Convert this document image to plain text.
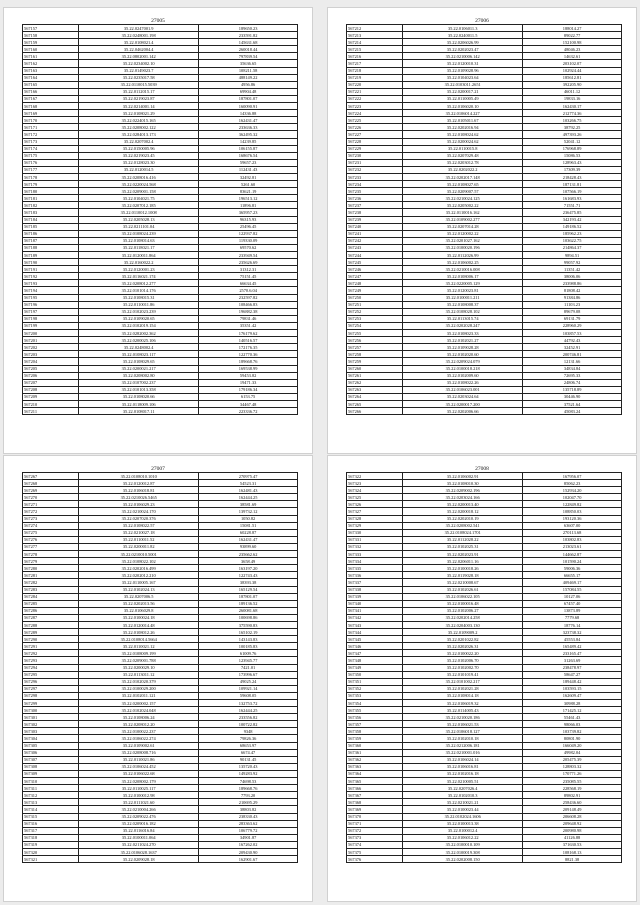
27005
567157	35.22.0247001.9	189650.23
567158	35.22.0248001.198	233591.82
567159	35.22.0108021.4	145631.68
567160	35.22.0462004.4	260018.44
567161	35.22.0802001.142	797839.54
567162	35.22.0234002.10	35636.65
567163	35.22.0149023.7	108211.58
567164	35.22.0235017.58	488149.22
567165	35.22.0110015.5039	4956.86
567166	35.22.0112015.17	69904.48
567167	35.22.0219023.87	187801.07
567168	35.22.0214001.14	160090.91
567169	35.22.0108021.29	14336.88
567170	35.22.0224015.165	162431.47
567171	35.22.0208002.122	233636.33
567172	35.22.0284013.173	362495.32
567173	35.22.0207002.4	14239.85
567174	35.22.0150005.96	106155.87
567175	35.22.0219023.45	168676.54
567176	35.22.0128023.30	59657.23
567177	35.22.0120014.5	112431.43
567178	35.22.0208016.416	32492.81
567179	35.22.0220024.568	5261.60
567180	35.22.0209001.158	83621.19
567181	35.22.0104021.75	196513.12
567182	35.22.0207012.185	11896.81
567183	35.22.0110012.1008	365957.23
567184	35.22.0205028.13	96315.93
567185	35.22.0211101.04	25496.45
567186	35.22.0108024.239	122937.82
567187	35.22.0108014.63	119330.09
567188	35.22.0118021.17	69570.62
567189	35.22.0120011.864	233949.54
567190	35.22.0160022.2	235626.69
567191	35.22.0120001.23	31312.31
567192	35.22.0116021.174	75151.45
567193	35.22.0208012.277	66634.45
567194	35.22.0101014.176	2570.6.04
567195	35.22.0108015.31	232597.82
567196	35.22.0110011.86	108466.83
567197	35.22.0102023.239	196882.38
567198	35.22.0109020.65	79831.46
567199	35.22.0102019.154	35351.42
567200	35.22.0282002.362	176179.62
567201	35.22.0200025.106	140516.57
567202	35.22.0248002.4	172176.35
567203	35.22.0108023.117	122770.36
567204	35.22.0108029.65	189668.76
567205	35.22.0200021.217	169538.99
567206	35.22.0208002.80	59453.82
567207	35.22.0107002.237	19471.33
567208	35.22.0101013.358	179186.34
567209	35.22.0108020.66	6153.75
567210	35.22.0118009.106	34467.48
567211	35.22.0108017.11	223336.72
27006
567212	35.22.0106011.3	188014.27
567213	35.22.0240011.5	89022.77
567214	35.22.0206026.99	152100.98
567215	35.22.0202023.47	48046.23
567216	35.22.0210006.142	14632.61
567217	35.22.0120010.31	203102.07
567218	35.22.0109028.96	102924.44
567219	35.22.0104023.64	185612.81
567220	35.22.0103011.2651	392205.90
567221	35.22.0200017.21	46011.12
567222	35.22.0110005.49	19833.16
567223	35.22.0106020.10	162430.17
567224	35.22.0106014.227	212774.36
567225	35.22.0105011.67	103266.75
567226	35.22.0202016.94	38792.25
567227	35.22.0108024.62	497393.26
567228	35.22.0200024.62	52041.12
567229	35.22.0110015.8	176968.89
567230	35.22.0207029.48	15086.53
567231	35.22.0203012.78	128963.43
567232	35.22.0202022.2	17309.39
567233	35.22.0202017.148	218428.43
567234	35.22.0108027.65	187131.81
567235	35.22.0209007.57	107566.19
567236	35.22.0210024.125	161683.93
567237	35.22.0205002.22	71551.71
567238	35.22.0110016.162	236475.85
567239	35.22.0109002.277	342193.42
567240	35.22.0207014.28	149186.52
567241	35.22.0120002.22	185962.23
567242	35.22.0201027.162	103622.75
567243	35.22.0100020.196	214864.37
567244	35.22.0112026.99	9894.51
567245	35.22.0106002.25	99057.92
567246	35.22.0210016.008	11351.42
567247	35.22.0108006.17	38006.06
567248	35.22.0220005.129	233988.86
567249	35.22.0120023.81	81808.42
567250	35.22.0100011.211	91384.86
567251	35.22.0108008.37	11103.23
567252	35.22.0108028.102	89679.08
567253	35.22.0113015.74	69131.79
567254	35.22.0202028.247	228960.29
567255	35.22.0108023.33	103857.53
567256	35.22.0102021.27	44792.43
567257	35.22.0109028.28	32452.91
567258	35.22.0102020.60	200746.81
567259	35.22.0209024.079	12131.66
567260	35.22.0100018.218	34834.84
567261	35.22.0102009.60	72695.33
567262	35.22.0108022.26	24806.74
567263	35.22.0106023.001	135718.89
567264	35.22.0203024.64	30446.90
567265	35.22.0200017.200	37521.64
567266	35.22.0202006.66	45083.24
27007
567267	35.22.0108010.1010	270975.47
567268	35.22.0120012.87	54523.31
567269	35.22.0106018.81	162481.43
567270	35.22.0210026.5465	162444.25
567271	35.22.0106029.23	38581.69
567272	35.22.0210024.170	139732.12
567273	35.22.0207020.376	1050.82
567274	35.22.0108022.57	15081.51
567275	35.22.0210027.18	60228.87
567276	35.22.0110011.52	162431.47
567277	35.22.0200011.82	93899.60
567278	35.22.0210010.5001	235662.62
567279	35.22.0108022.102	3658.49
567280	35.22.0202016.499	163197.20
567281	35.22.0202012.210	122743.43
567282	35.22.0110005.167	38393.38
567283	35.22.0102024.13	165129.54
567284	35.22.0207006.5	187801.07
567285	35.22.0202013.56	189136.52
567286	35.22.0106029.8	260081.68
567287	35.22.0100024.18	100698.86
567288	35.22.0120014.48	375590.83
567289	35.22.0108012.26	165102.19
567290	35.22.0108014.5664	143143.83
567291	35.22.0110021.12	100185.83
567292	35.22.0108009.199	61009.76
567293	35.22.0209001.788	123945.77
567294	35.22.0200029.10	7421.01
567295	35.22.0113011.12	173996.67
567296	35.22.0102020.379	49025.24
567297	35.22.0100029.200	109921.14
567298	35.22.0102011.121	59608.05
567299	35.22.0200002.157	132753.72
567300	35.22.0102024.048	162444.25
567301	35.22.0108006.24	233556.82
567302	35.22.0208012.20	100722.82
567303	35.22.0100022.237	9348
567304	35.22.0106022.274	79826.36
567305	35.22.0109002.61	68653.97
567306	35.22.0208008.716	6674.47
567307	35.22.0110021.86	90131.45
567308	35.22.0106024.452	135720.43
567309	35.22.0106022.68	149283.92
567310	35.22.0208002.179	74698.53
567311	35.22.0110025.117	189668.76
567312	35.22.0100012.98	7793.20
567313	35.22.0111021.60	210695.29
567314	35.22.0210004.266	38803.82
567315	35.22.0209022.476	238330.43
567316	35.22.0209016.182	283363.62
567317	35.22.0116016.84	106779.72
567318	35.22.0100011.064	34901.87
567319	35.22.0211024.270	167262.02
567320	35.22.0106028.1637	209430.90
567321	35.22.0209028.18	162901.67
27008
567322	35.22.0106002.91	167956.07
567323	35.22.0108010.30	85062.23
567324	35.22.0209002.196	152934.20
567325	35.22.0203024.166	102047.70
567326	35.22.0200013.40	122849.82
567327	35.22.0200018.12	108850.03
567328	35.22.0202010.19	193120.36
567329	35.22.0208002.541	63607.00
567330	35.22.0108024.1701	270113.68
567331	35.22.0112028.22	103802.83
567332	35.22.0102025.31	213023.61
567333	35.22.0202023.91	144662.87
567334	35.22.0206011.16	101590.24
567335	35.22.0100018.26	59006.36
567336	35.22.0119028.18	66655.17
567337	35.22.0210008.67	409469.17
567338	35.22.0102026.61	157084.55
567339	35.22.0106022.105	10127.06
567340	35.22.0100016.48	67457.40
567341	35.22.0102006.27	13873.89
567342	35.22.0202014.258	7779.68
567343	35.22.0204003.130	18776.14
567344	35.22.0109009.2	323738.32
567345	35.22.0201022.82	45553.84
567346	35.22.0202026.31	165489.42
567347	35.22.0100022.20	233165.47
567348	35.22.0102006.70	31263.69
567349	35.22.0102002.70	238478.97
567350	35.22.0101019.41	58647.27
567351	35.22.0101002.217	189448.42
567352	35.22.0102021.28	103593.15
567353	35.22.0108014.18	162609.47
567354	35.22.0106019.32	30988.28
567355	35.22.0114005.43	171425.12
567356	35.22.0210020.186	55461.43
567357	35.22.0106021.53	98066.03
567358	35.22.0106018.127	103739.82
567359	35.22.0102010.18	80801.90
567360	35.22.0212006.181	166049.20
567361	35.22.0210001.016	49982.04
567362	35.22.0106024.14	205475.39
567363	35.22.0106016.81	128803.32
567364	35.22.0102016.18	170771.26
567365	35.22.0210005.51	235085.55
567366	35.22.0207026.4	228568.19
567367	35.22.0102010.3	89802.91
567368	35.22.0210021.21	258436.60
567369	35.22.0100023.44	209148.49
567370	35.22.0102024.1606	206608.28
567371	35.22.0100013.38	209648.92
567372	35.22.0100012.4	200980.98
567373	35.22.0106012.22	41126.88
567374	35.22.0100010.109	371630.53
567375	35.22.0100019.308	108168.13
567376	35.22.0202008.150	8821.38
